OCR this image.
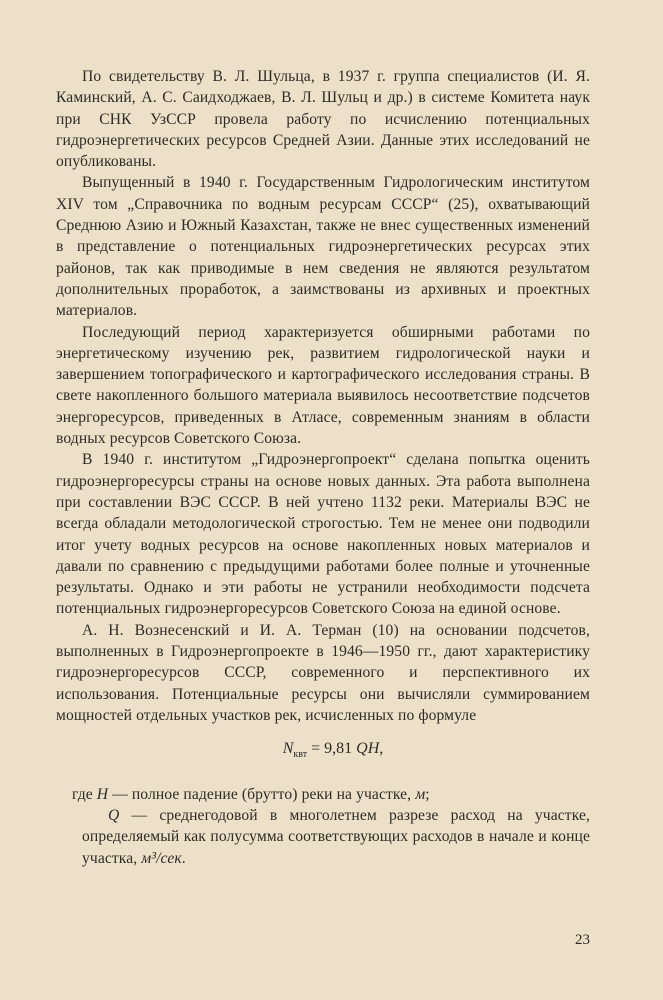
По свидетельству В. Л. Шульца, в 1937 г. группа специалистов (И. Я. Каминский, А. С. Саидходжаев, В. Л. Шульц и др.) в системе Комитета наук при СНК УзССР провела работу по исчислению потенциальных гидроэнергетических ресурсов Средней Азии. Данные этих исследований не опубликованы.

Выпущенный в 1940 г. Государственным Гидрологическим институтом XIV том „Справочника по водным ресурсам СССР“ (25), охватывающий Среднюю Азию и Южный Казахстан, также не внес существенных изменений в представление о потенциальных гидроэнергетических ресурсах этих районов, так как приводимые в нем сведения не являются результатом дополнительных проработок, а заимствованы из архивных и проектных материалов.

Последующий период характеризуется обширными работами по энергетическому изучению рек, развитием гидрологической науки и завершением топографического и картографического исследования страны. В свете накопленного большого материала выявилось несоответствие подсчетов энергоресурсов, приведенных в Атласе, современным знаниям в области водных ресурсов Советского Союза.

В 1940 г. институтом „Гидроэнергопроект“ сделана попытка оценить гидроэнергоресурсы страны на основе новых данных. Эта работа выполнена при составлении ВЭС СССР. В ней учтено 1132 реки. Материалы ВЭС не всегда обладали методологической строгостью. Тем не менее они подводили итог учету водных ресурсов на основе накопленных новых материалов и давали по сравнению с предыдущими работами более полные и уточненные результаты. Однако и эти работы не устранили необходимости подсчета потенциальных гидроэнергоресурсов Советского Союза на единой основе.

А. Н. Вознесенский и И. А. Терман (10) на основании подсчетов, выполненных в Гидроэнергопроекте в 1946—1950 гг., дают характеристику гидроэнергоресурсов СССР, современного и перспективного их использования. Потенциальные ресурсы они вычисляли суммированием мощностей отдельных участков рек, исчисленных по формуле

$N_{квт} = 9,81$ QH,

где H — полное падение (брутто) реки на участке, м;

Q — среднегодовой в многолетнем разрезе расход на участке, определяемый как полусумма соответствующих расходов в начале и конце участка, м³/сек.

23
